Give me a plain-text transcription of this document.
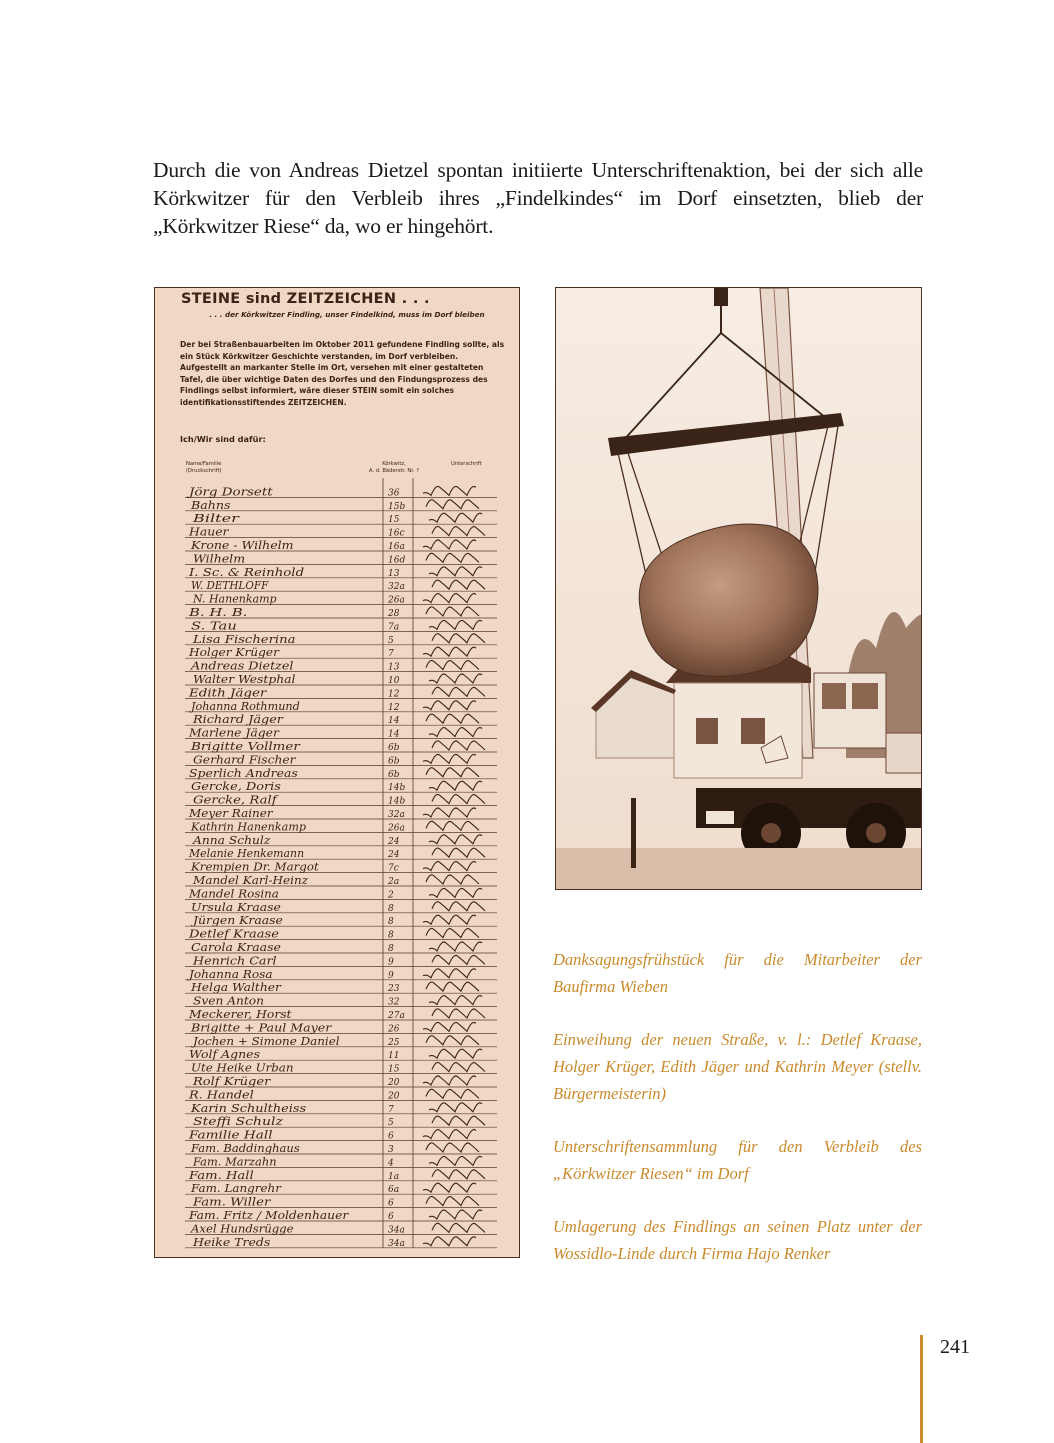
Durch die von Andreas Dietzel spontan initiierte Unterschriftenaktion, bei der sich alle Körkwitzer für den Verbleib ihres „Findelkindes“ im Dorf einsetzten, blieb der „Körkwitzer Riese“ da, wo er hingehört.
STEINE sind ZEITZEICHEN . . .
. . . der Körkwitzer Findling, unser Findelkind, muss im Dorf bleiben
Der bei Straßenbauarbeiten im Oktober 2011 gefundene Findling sollte, als ein Stück Körkwitzer Geschichte verstanden, im Dorf verbleiben. Aufgestellt an markanter Stelle im Ort, versehen mit einer gestalteten Tafel, die über wichtige Daten des Dorfes und den Findungsprozess des Findlings selbst informiert, wäre dieser STEIN somit ein solches identifikationsstiftendes ZEITZEICHEN.
Ich/Wir sind dafür:
Name/Familie
(Druckschrift)
Körkwitz,
A. d. Bäderstr. Nr. ?
Unterschrift
Jörg Dorsett	36
Bahns	15b
Bilter	15
Hauer	16c
Krone - Wilhelm	16a
Wilhelm	16d
I. Sc. & Reinhold	13
W. DETHLOFF	32a
N. Hanenkamp	26a
B. H. B.	28
S. Tau	7a
Lisa Fischerina	5
Holger Krüger	7
Andreas Dietzel	13
Walter Westphal	10
Edith Jäger	12
Johanna Rothmund	12
Richard Jäger	14
Marlene Jäger	14
Brigitte Vollmer	6b
Gerhard Fischer	6b
Sperlich Andreas	6b
Gercke, Doris	14b
Gercke, Ralf	14b
Meyer Rainer	32a
Kathrin Hanenkamp	26a
Anna Schulz	24
Melanie Henkemann	24
Krempien Dr. Margot	7c
Mandel Karl-Heinz	2a
Mandel Rosina	2
Ursula Kraase	8
Jürgen Kraase	8
Detlef Kraase	8
Carola Kraase	8
Henrich Carl	9
Johanna Rosa	9
Helga Walther	23
Sven Anton	32
Meckerer, Horst	27a
Brigitte + Paul Mayer	26
Jochen + Simone Daniel	25
Wolf Agnes	11
Ute Heike Urban	15
Rolf Krüger	20
R. Handel	20
Karin Schultheiss	7
Steffi Schulz	5
Familie Hall	6
Fam. Baddinghaus	3
Fam. Marzahn	4
Fam. Hall	1a
Fam. Langrehr	6a
Fam. Willer	6
Fam. Fritz / Moldenhauer	6
Axel Hundsrügge	34a
Heike Treds	34a

Danksagungsfrühstück für die Mitarbeiter der Baufirma Wieben

Einweihung der neuen Straße, v. l.: Detlef Kraase, Holger Krüger, Edith Jäger und Kathrin Meyer (stellv. Bürgermeisterin)

Unterschriftensammlung für den Verbleib des „Körkwitzer Riesen“ im Dorf

Umlagerung des Findlings an seinen Platz unter der Wossidlo-Linde durch Firma Hajo Renker

241
